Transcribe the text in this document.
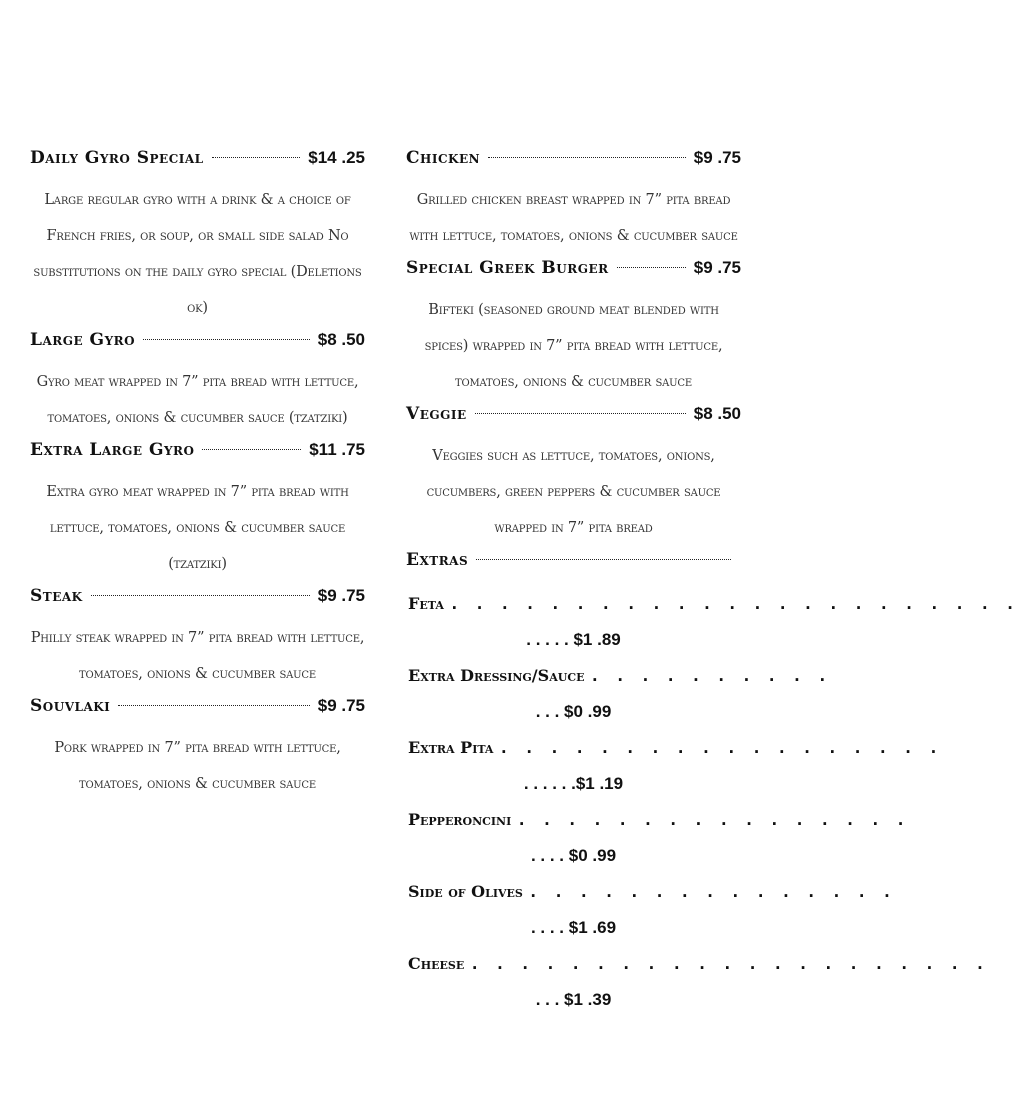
Daily Gyro Special	$14 .25
Large regular gyro with a drink & a choice of French fries, or soup, or small side salad No substitutions on the daily gyro special (Deletions ok)
Large Gyro	$8 .50
Gyro meat wrapped in 7” pita bread with lettuce, tomatoes, onions & cucumber sauce (tzatziki)
Extra Large Gyro	$11 .75
Extra gyro meat wrapped in 7” pita bread with lettuce, tomatoes, onions & cucumber sauce (tzatziki)
Steak	$9 .75
Philly steak wrapped in 7” pita bread with lettuce, tomatoes, onions & cucumber sauce
Souvlaki	$9 .75
Pork wrapped in 7” pita bread with lettuce, tomatoes, onions & cucumber sauce
Chicken	$9 .75
Grilled chicken breast wrapped in 7” pita bread with lettuce, tomatoes, onions & cucumber sauce
Special Greek Burger	$9 .75
Bifteki (seasoned ground meat blended with spices) wrapped in 7” pita bread with lettuce, tomatoes, onions & cucumber sauce
Veggie	$8 .50
Veggies such as lettuce, tomatoes, onions, cucumbers, green peppers & cucumber sauce wrapped in 7” pita bread
Extras
Feta . . . . . . . . . . . . . . . . . . . . . . .
. . . . . $1 .89
Extra Dressing/Sauce . . . . . . . . . .
. . . $0 .99
Extra Pita . . . . . . . . . . . . . . . . . .
. . . . . .$1 .19
Pepperoncini . . . . . . . . . . . . . . . .
. . . . $0 .99
Side of Olives . . . . . . . . . . . . . . .
. . . . $1 .69
Cheese . . . . . . . . . . . . . . . . . . . . .
. . . $1 .39
